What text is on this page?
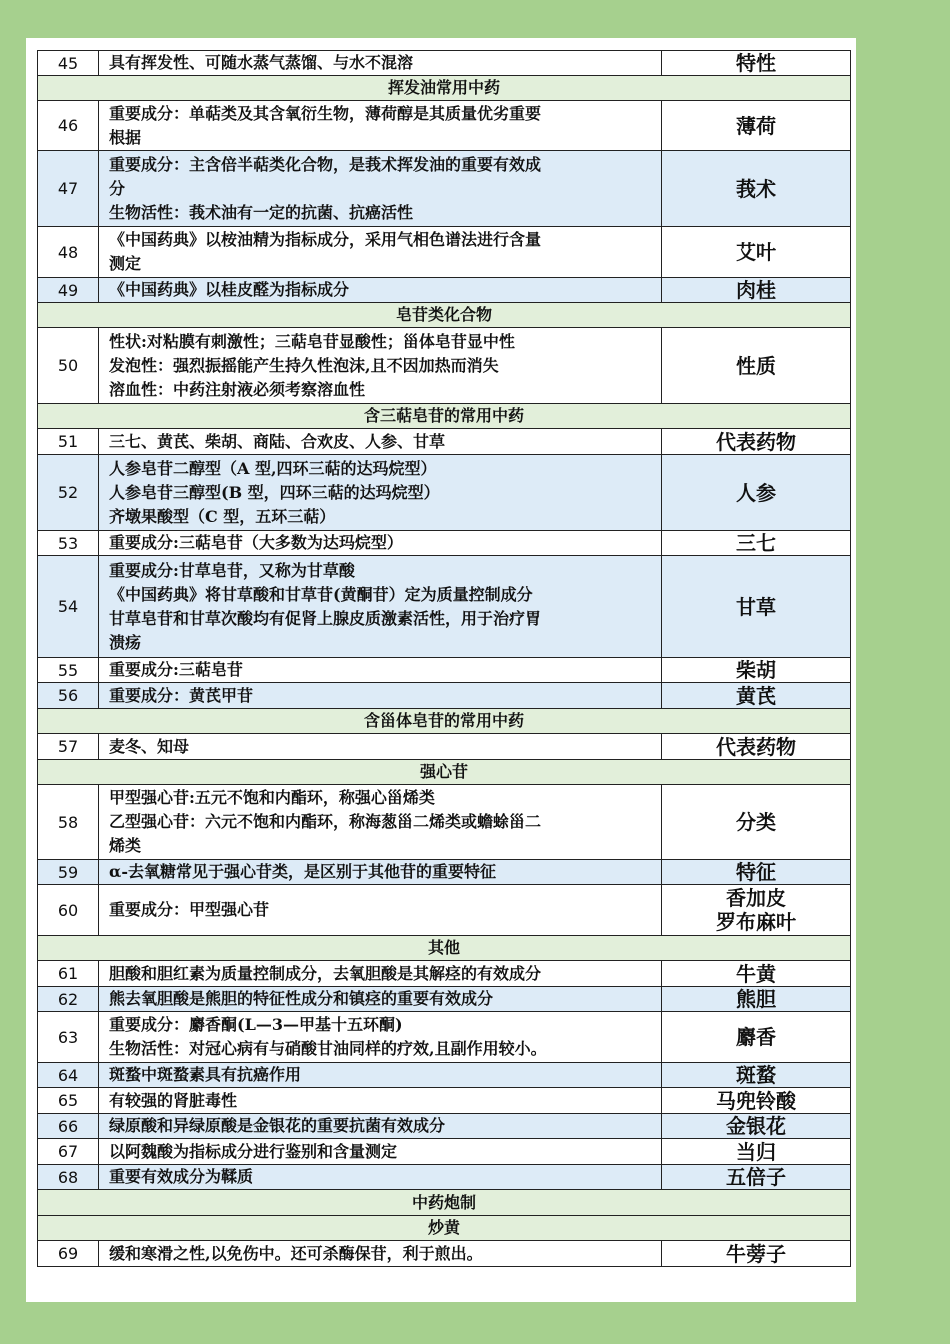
45	具有挥发性、可随水蒸气蒸馏、与水不混溶	特性

挥发油常用中药		
46	重要成分：单萜类及其含氧衍生物，薄荷醇是其质量优劣重要
根据	薄荷

47	重要成分：主含倍半萜类化合物，是莪术挥发油的重要有效成
分
生物活性：莪术油有一定的抗菌、抗癌活性	莪术

48	《中国药典》以桉油精为指标成分，采用气相色谱法进行含量
测定	艾叶

49	《中国药典》以桂皮醛为指标成分	肉桂

皂苷类化合物		
50	性状:对粘膜有刺激性；三萜皂苷显酸性；甾体皂苷显中性
发泡性：强烈振摇能产生持久性泡沫,且不因加热而消失
溶血性：中药注射液必须考察溶血性	性质

含三萜皂苷的常用中药		
51	三七、黄芪、柴胡、商陆、合欢皮、人参、甘草	代表药物

52	人参皂苷二醇型（A 型,四环三萜的达玛烷型）
人参皂苷三醇型(B 型，四环三萜的达玛烷型）
齐墩果酸型（C 型，五环三萜）	人参

53	重要成分:三萜皂苷（大多数为达玛烷型）	三七

54	重要成分:甘草皂苷，又称为甘草酸
《中国药典》将甘草酸和甘草苷(黄酮苷）定为质量控制成分
甘草皂苷和甘草次酸均有促肾上腺皮质激素活性，用于治疗胃
溃疡	甘草

55	重要成分:三萜皂苷	柴胡

56	重要成分：黄芪甲苷	黄芪

含甾体皂苷的常用中药		
57	麦冬、知母	代表药物

强心苷		
58	甲型强心苷:五元不饱和内酯环，称强心甾烯类
乙型强心苷：六元不饱和内酯环，称海葱甾二烯类或蟾蜍甾二
烯类	分类

59	α-去氧糖常见于强心苷类，是区别于其他苷的重要特征	特征

60	重要成分：甲型强心苷	香加皮
罗布麻叶

其他		
61	胆酸和胆红素为质量控制成分，去氧胆酸是其解痉的有效成分	牛黄

62	熊去氧胆酸是熊胆的特征性成分和镇痉的重要有效成分	熊胆

63	重要成分：麝香酮(L—3—甲基十五环酮)
生物活性：对冠心病有与硝酸甘油同样的疗效,且副作用较小。	麝香

64	斑蝥中斑蝥素具有抗癌作用	斑蝥

65	有较强的肾脏毒性	马兜铃酸

66	绿原酸和异绿原酸是金银花的重要抗菌有效成分	金银花

67	以阿魏酸为指标成分进行鉴别和含量测定	当归

68	重要有效成分为鞣质	五倍子

中药炮制		
炒黄		
69	缓和寒滑之性,以免伤中。还可杀酶保苷，利于煎出。	牛蒡子
